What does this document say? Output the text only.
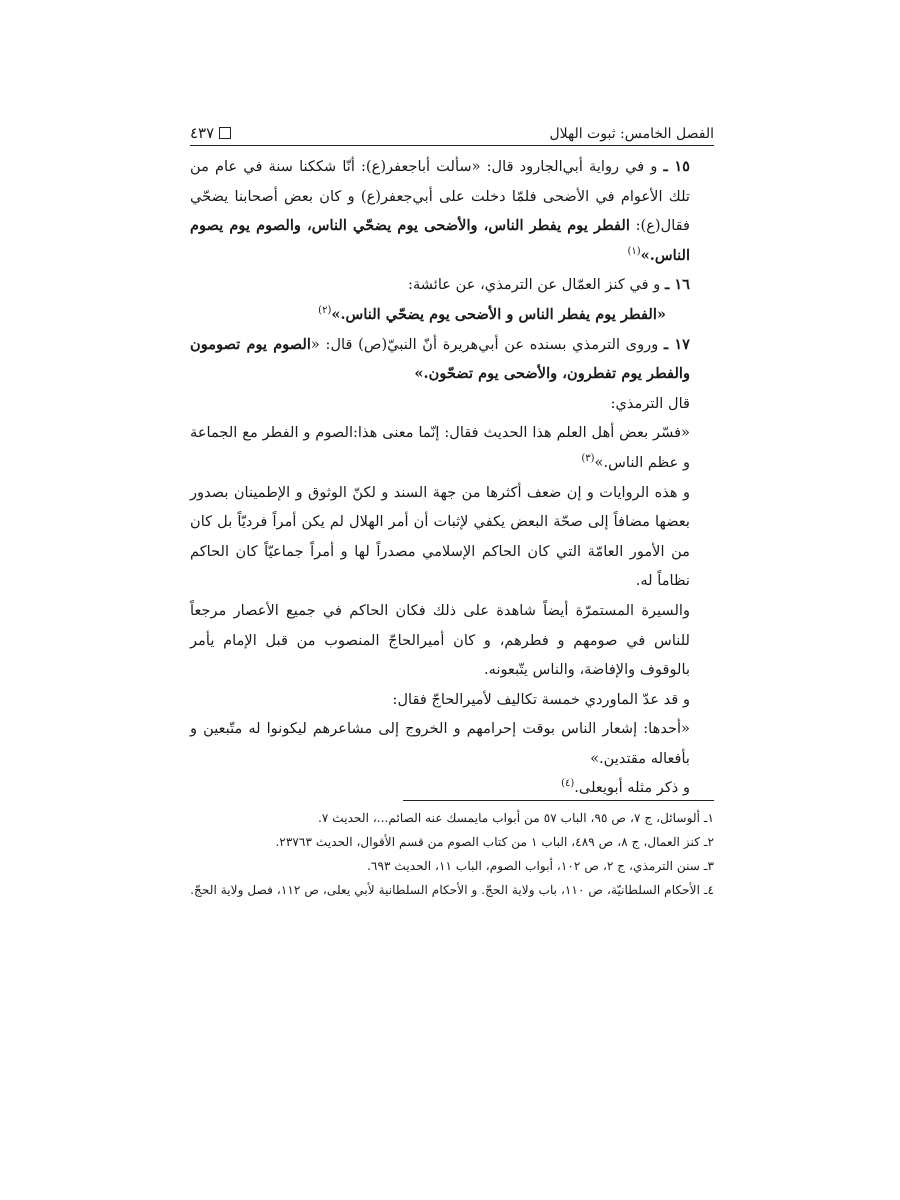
الفصل الخامس: ثبوت الهلال
٤٣٧

١٥ ـ و في رواية أبي‌الجارود قال: «سألت أباجعفر(ع): أنّا شككنا سنة في عام من تلك الأعوام في الأضحى فلمّا دخلت على أبي‌جعفر(ع) و كان بعض أصحابنا يضحّي فقال(ع): الفطر يوم يفطر الناس، والأضحى يوم يضحّي الناس، والصوم يوم يصوم الناس.»$^{(١)}$

١٦ ـ و في كنز العمّال عن الترمذي، عن عائشة:

«الفطر يوم يفطر الناس و الأضحى يوم يضحّي الناس.»$^{(٢)}$

١٧ ـ وروى الترمذي بسنده عن أبي‌هريرة أنّ النبيّ(ص) قال: «الصوم يوم تصومون والفطر يوم تفطرون، والأضحى يوم تضحّون.»

قال الترمذي:

«فسّر بعض أهل العلم هذا الحديث فقال: إنّما معنى هذا:الصوم و الفطر مع الجماعة و عظم الناس.»$^{(٣)}$

و هذه الروايات و إن ضعف أكثرها من جهة السند و لكنّ الوثوق و الإطمينان بصدور بعضها مضافاً إلى صحّة البعض يكفي لإثبات أن أمر الهلال لم يكن أمراً فرديّاً بل كان من الأمور العامّة التي كان الحاكم الإسلامي مصدراً لها و أمراً جماعيّاً كان الحاكم نظاماً له.

والسيرة المستمرّة أيضاً شاهدة على ذلك فكان الحاكم في جميع الأعصار مرجعاً للناس في صومهم و فطرهم، و كان أميرالحاجّ المنصوب من قبل الإمام يأمر بالوقوف والإفاضة، والناس يتّبعونه.

و قد عدّ الماوردي خمسة تكاليف لأميرالحاجّ فقال:

«أحدها: إشعار الناس بوقت إحرامهم و الخروج إلى مشاعرهم ليكونوا له متّبعين و بأفعاله مقتدين.»

و ذكر مثله أبويعلى.$^{(٤)}$

١ـ ألوسائل، ج ٧، ص ٩٥، الباب ٥٧ من أبواب مايمسك عنه الصائم...، الحديث ٧.

٢ـ كنز العمال، ج ٨، ص ٤٨٩، الباب ١ من كتاب الصوم من قسم الأقوال، الحديث ٢٣٧٦٣.

٣ـ سنن الترمذي، ج ٢، ص ١٠٢، أبواب الصوم، الباب ١١، الحديث ٦٩٣.

٤ـ الأحكام السلطانيّة، ص ١١٠، باب ولاية الحجّ. و الأحكام السلطانية لأبي يعلى، ص ١١٢، فصل ولاية الحجّ.
